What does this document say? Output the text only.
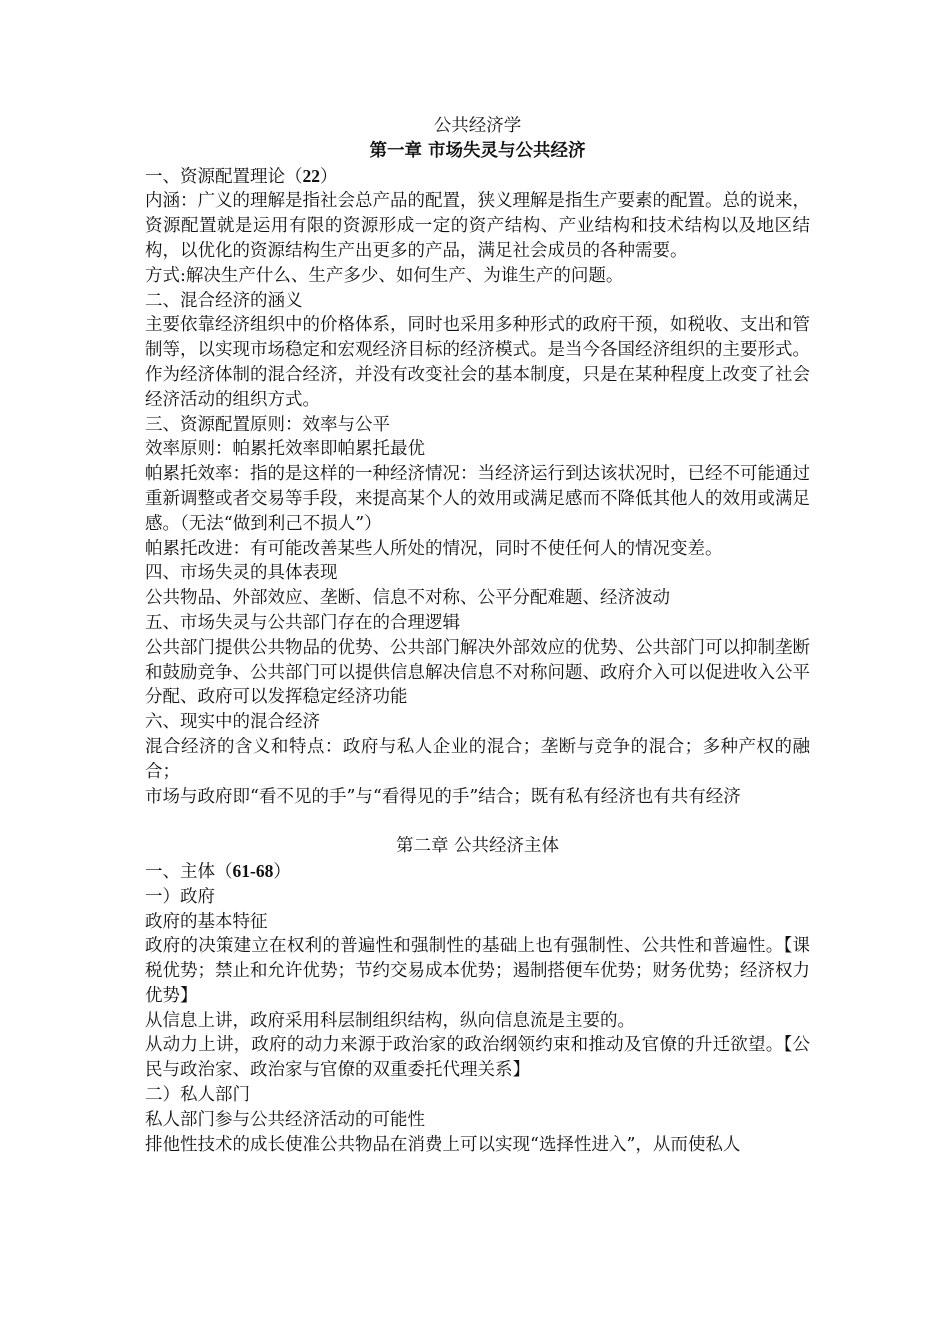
公共经济学

第一章 市场失灵与公共经济

一、资源配置理论（22）

内涵：广义的理解是指社会总产品的配置，狭义理解是指生产要素的配置。总的说来，资源配置就是运用有限的资源形成一定的资产结构、产业结构和技术结构以及地区结构，以优化的资源结构生产出更多的产品，满足社会成员的各种需要。

方式:解决生产什么、生产多少、如何生产、为谁生产的问题。

二、混合经济的涵义

主要依靠经济组织中的价格体系，同时也采用多种形式的政府干预，如税收、支出和管制等，以实现市场稳定和宏观经济目标的经济模式。是当今各国经济组织的主要形式。

作为经济体制的混合经济，并没有改变社会的基本制度，只是在某种程度上改变了社会经济活动的组织方式。

三、资源配置原则：效率与公平

效率原则：帕累托效率即帕累托最优

帕累托效率：指的是这样的一种经济情况：当经济运行到达该状况时，已经不可能通过重新调整或者交易等手段，来提高某个人的效用或满足感而不降低其他人的效用或满足感。（无法“做到利己不损人”）

帕累托改进：有可能改善某些人所处的情况，同时不使任何人的情况变差。

四、市场失灵的具体表现

公共物品、外部效应、垄断、信息不对称、公平分配难题、经济波动

五、市场失灵与公共部门存在的合理逻辑

公共部门提供公共物品的优势、公共部门解决外部效应的优势、公共部门可以抑制垄断和鼓励竞争、公共部门可以提供信息解决信息不对称问题、政府介入可以促进收入公平分配、政府可以发挥稳定经济功能

六、现实中的混合经济

混合经济的含义和特点：政府与私人企业的混合；垄断与竞争的混合；多种产权的融合；

市场与政府即“看不见的手”与“看得见的手”结合；既有私有经济也有共有经济

第二章 公共经济主体

一、主体（61-68）

一）政府

政府的基本特征

政府的决策建立在权利的普遍性和强制性的基础上也有强制性、公共性和普遍性。【课税优势；禁止和允许优势；节约交易成本优势；遏制搭便车优势；财务优势；经济权力优势】

从信息上讲，政府采用科层制组织结构，纵向信息流是主要的。

从动力上讲，政府的动力来源于政治家的政治纲领约束和推动及官僚的升迁欲望。【公民与政治家、政治家与官僚的双重委托代理关系】

二）私人部门

私人部门参与公共经济活动的可能性

排他性技术的成长使准公共物品在消费上可以实现“选择性进入”，从而使私人
